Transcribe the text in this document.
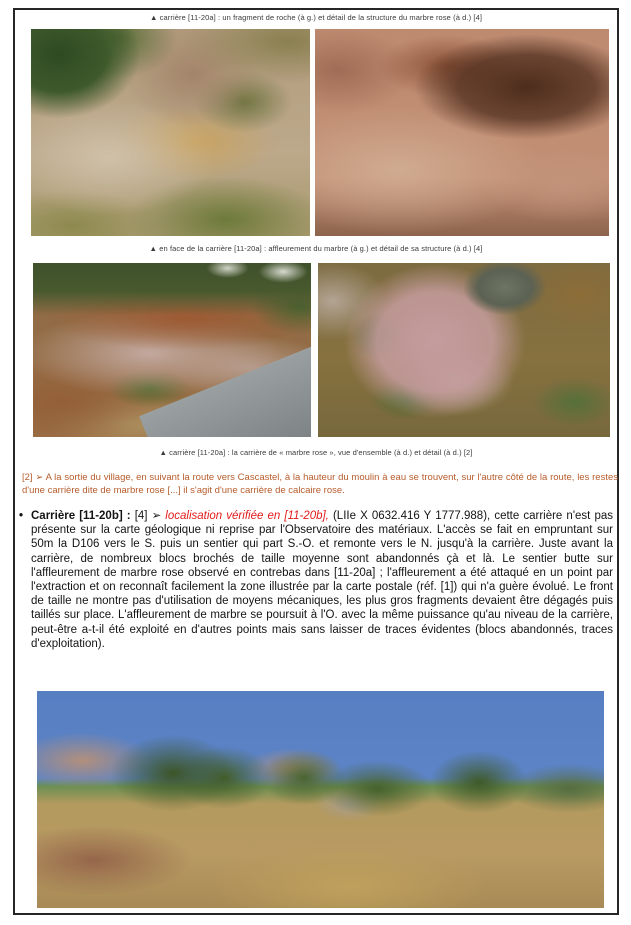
▲ carrière [11-20a] : un fragment de roche (à g.) et détail de la structure du marbre rose (à d.) [4]
▲ en face de la carrière [11-20a] : affleurement du marbre (à g.) et détail de sa structure (à d.) [4]
▲ carrière [11-20a] : la carrière de « marbre rose », vue d'ensemble (à d.) et détail (à d.) [2]
[2] ➢ A la sortie du village, en suivant la route vers Cascastel, à la hauteur du moulin à eau se trouvent, sur l'autre côté de la route, les restes d'une carrière dite de marbre rose [...] il s'agit d'une carrière de calcaire rose.
• Carrière [11-20b] : [4] ➢ localisation vérifiée en [11-20b], (LIIe X 0632.416 Y 1777.988), cette carrière n'est pas présente sur la carte géologique ni reprise par l'Observatoire des matériaux. L'accès se fait en empruntant sur 50m la D106 vers le S. puis un sentier qui part S.-O. et remonte vers le N. jusqu'à la carrière. Juste avant la carrière, de nombreux blocs brochés de taille moyenne sont abandonnés çà et là. Le sentier butte sur l'affleurement de marbre rose observé en contrebas dans [11-20a] ; l'affleurement a été attaqué en un point par l'extraction et on reconnaît facilement la zone illustrée par la carte postale (réf. [1]) qui n'a guère évolué. Le front de taille ne montre pas d'utilisation de moyens mécaniques, les plus gros fragments devaient être dégagés puis taillés sur place. L'affleurement de marbre se poursuit à l'O. avec la même puissance qu'au niveau de la carrière, peut-être a-t-il été exploité en d'autres points mais sans laisser de traces évidentes (blocs abandonnés, traces d'exploitation).
